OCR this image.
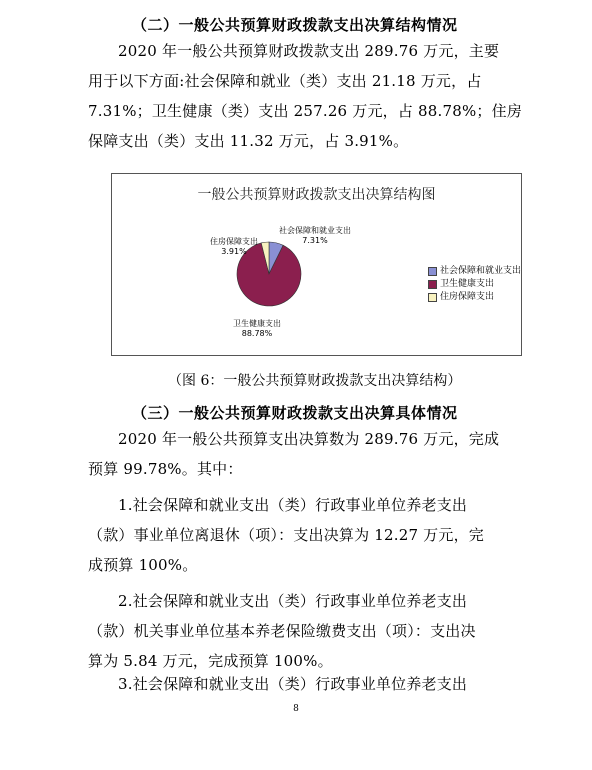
（二）一般公共预算财政拨款支出决算结构情况
2020 年一般公共预算财政拨款支出 289.76 万元，主要
用于以下方面:社会保障和就业（类）支出 21.18 万元，占
7.31%；卫生健康（类）支出 257.26 万元，占 88.78%；住房
保障支出（类）支出 11.32 万元，占 3.91%。
一般公共预算财政拨款支出决算结构图
社会保障和就业支出
7.31%
住房保障支出
3.91%
卫生健康支出
88.78%
社会保障和就业支出
卫生健康支出
住房保障支出
（图 6：一般公共预算财政拨款支出决算结构）
（三）一般公共预算财政拨款支出决算具体情况
2020 年一般公共预算支出决算数为 289.76 万元，完成
预算 99.78%。其中：
1.社会保障和就业支出（类）行政事业单位养老支出
（款）事业单位离退休（项）：支出决算为 12.27 万元，完
成预算 100%。
2.社会保障和就业支出（类）行政事业单位养老支出
（款）机关事业单位基本养老保险缴费支出（项）：支出决
算为 5.84 万元，完成预算 100%。
3.社会保障和就业支出（类）行政事业单位养老支出
8
